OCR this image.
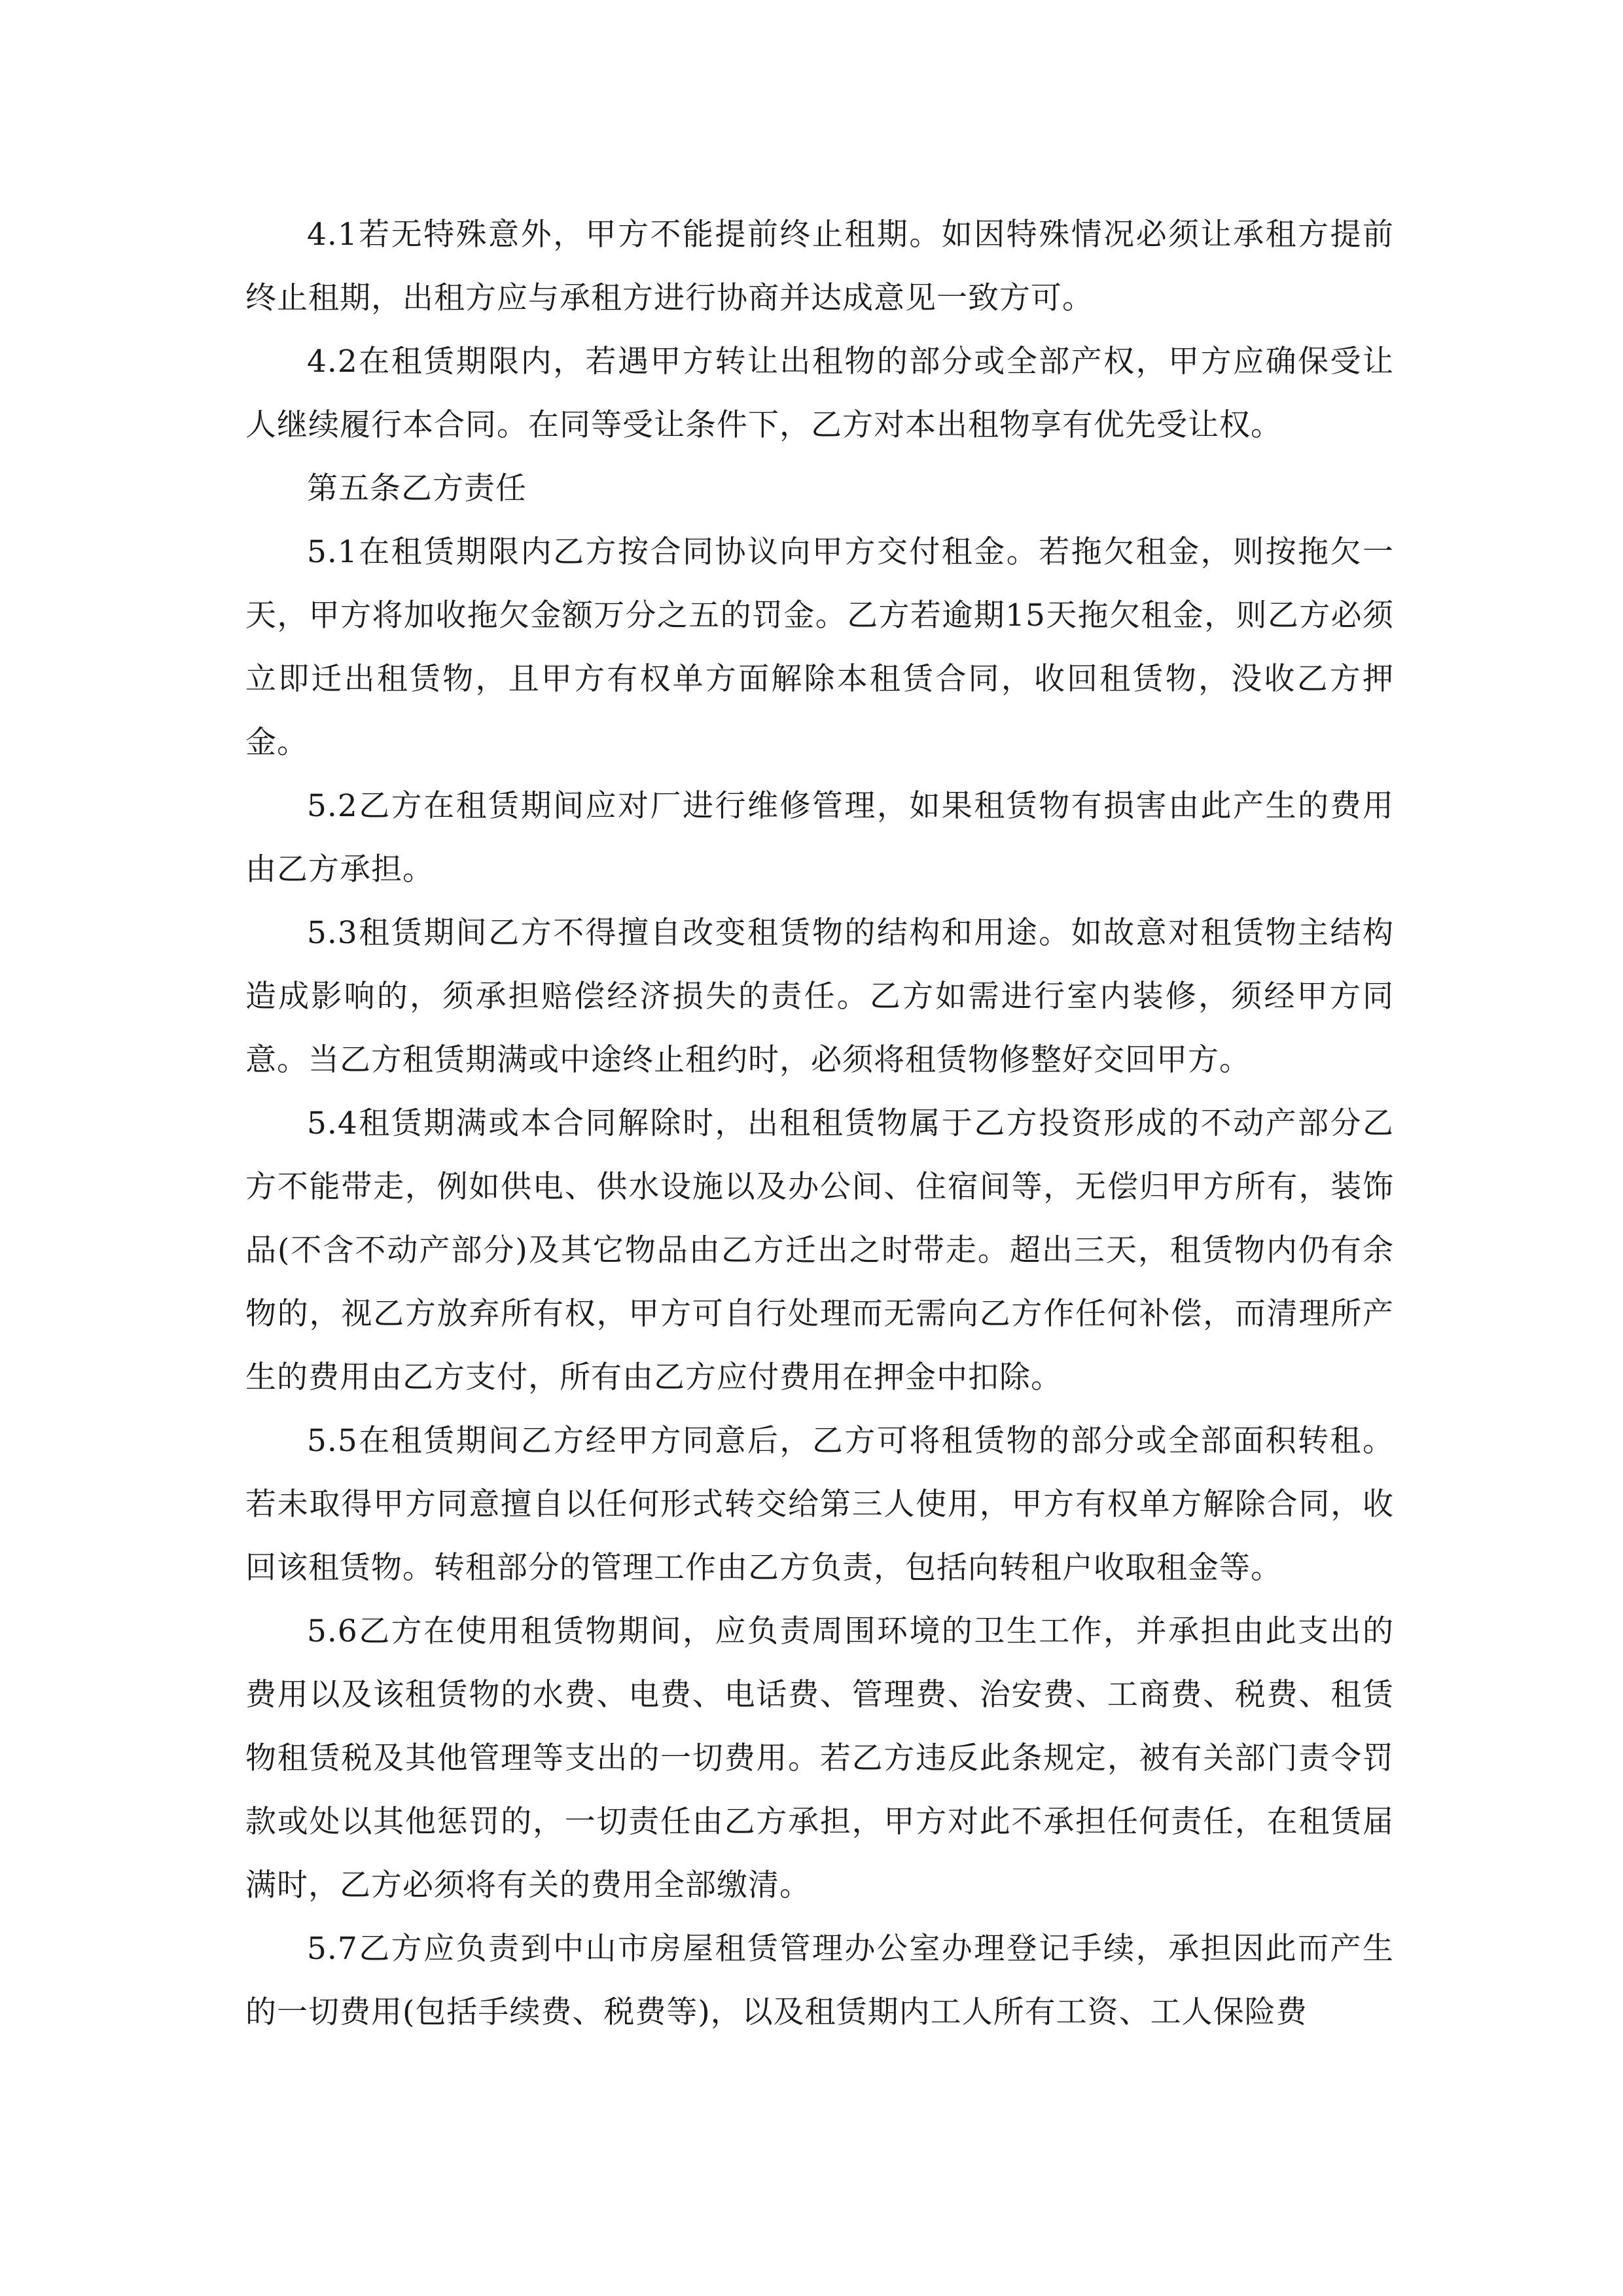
4.1若无特殊意外，甲方不能提前终止租期。如因特殊情况必须让承租方提前终止租期，出租方应与承租方进行协商并达成意见一致方可。

4.2在租赁期限内，若遇甲方转让出租物的部分或全部产权，甲方应确保受让人继续履行本合同。在同等受让条件下，乙方对本出租物享有优先受让权。

第五条乙方责任

5.1在租赁期限内乙方按合同协议向甲方交付租金。若拖欠租金，则按拖欠一天，甲方将加收拖欠金额万分之五的罚金。乙方若逾期15天拖欠租金，则乙方必须立即迁出租赁物，且甲方有权单方面解除本租赁合同，收回租赁物，没收乙方押金。

5.2乙方在租赁期间应对厂进行维修管理，如果租赁物有损害由此产生的费用由乙方承担。

5.3租赁期间乙方不得擅自改变租赁物的结构和用途。如故意对租赁物主结构造成影响的，须承担赔偿经济损失的责任。乙方如需进行室内装修，须经甲方同意。当乙方租赁期满或中途终止租约时，必须将租赁物修整好交回甲方。

5.4租赁期满或本合同解除时，出租租赁物属于乙方投资形成的不动产部分乙方不能带走，例如供电、供水设施以及办公间、住宿间等，无偿归甲方所有，装饰品(不含不动产部分)及其它物品由乙方迁出之时带走。超出三天，租赁物内仍有余物的，视乙方放弃所有权，甲方可自行处理而无需向乙方作任何补偿，而清理所产生的费用由乙方支付，所有由乙方应付费用在押金中扣除。

5.5在租赁期间乙方经甲方同意后，乙方可将租赁物的部分或全部面积转租。若未取得甲方同意擅自以任何形式转交给第三人使用，甲方有权单方解除合同，收回该租赁物。转租部分的管理工作由乙方负责，包括向转租户收取租金等。

5.6乙方在使用租赁物期间，应负责周围环境的卫生工作，并承担由此支出的费用以及该租赁物的水费、电费、电话费、管理费、治安费、工商费、税费、租赁物租赁税及其他管理等支出的一切费用。若乙方违反此条规定，被有关部门责令罚款或处以其他惩罚的，一切责任由乙方承担，甲方对此不承担任何责任，在租赁届满时，乙方必须将有关的费用全部缴清。

5.7乙方应负责到中山市房屋租赁管理办公室办理登记手续，承担因此而产生的一切费用(包括手续费、税费等)，以及租赁期内工人所有工资、工人保险费
